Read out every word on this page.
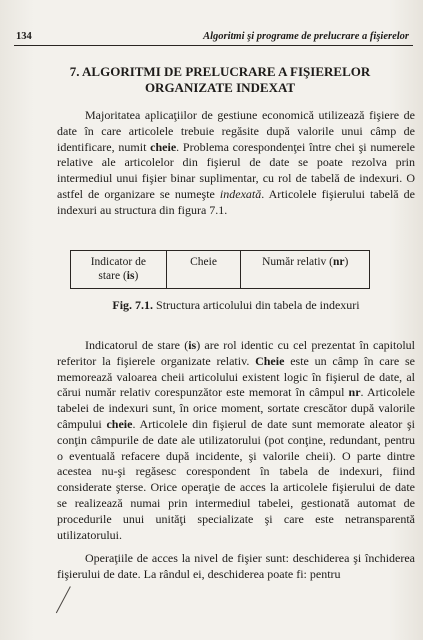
134	Algoritmi şi programe de prelucrare a fişierelor
7. ALGORITMI DE PRELUCRARE A FIŞIERELOR
ORGANIZATE INDEXAT

Majoritatea aplicaţiilor de gestiune economică utilizează fişiere de date în care articolele trebuie regăsite după valorile unui câmp de identificare, numit cheie. Problema corespondenţei între chei şi numerele relative ale articolelor din fişierul de date se poate rezolva prin intermediul unui fişier binar suplimentar, cu rol de tabelă de indexuri. O astfel de organizare se numeşte indexată. Articolele fişierului tabelă de indexuri au structura din figura 7.1.

Indicator de
stare (is)	Cheie	Număr relativ (nr)
Fig. 7.1. Structura articolului din tabela de indexuri

Indicatorul de stare (is) are rol identic cu cel prezentat în capitolul referitor la fişierele organizate relativ. Cheie este un câmp în care se memorează valoarea cheii articolului existent logic în fişierul de date, al cărui număr relativ corespunzător este memorat în câmpul nr. Articolele tabelei de indexuri sunt, în orice moment, sortate crescător după valorile câmpului cheie. Articolele din fişierul de date sunt memorate aleator şi conţin câmpurile de date ale utilizatorului (pot conţine, redundant, pentru o eventuală refacere după incidente, şi valorile cheii). O parte dintre acestea nu-şi regăsesc corespondent în tabela de indexuri, fiind considerate şterse. Orice operaţie de acces la articolele fişierului de date se realizează numai prin intermediul tabelei, gestionată automat de procedurile unui unităţi specializate şi care este netransparentă utilizatorului.

Operaţiile de acces la nivel de fişier sunt: deschiderea şi închiderea fişierului de date. La rândul ei, deschiderea poate fi: pentru
